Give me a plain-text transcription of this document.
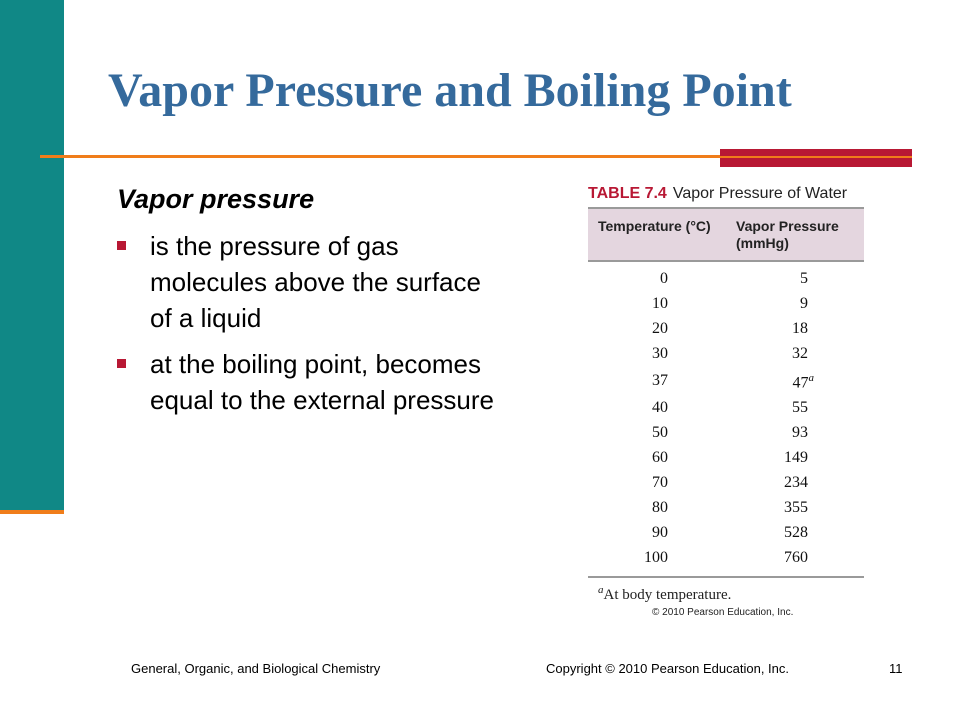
Vapor Pressure and Boiling Point
Vapor pressure
is the pressure of gas molecules above the surface of a liquid
at the boiling point, becomes equal to the external pressure

TABLE 7.4 Vapor Pressure of Water

Temperature (°C)	Vapor Pressure (mmHg)
0	5
10	9
20	18
30	32
37	47$^a$
40	55
50	93
60	149
70	234
80	355
90	528
100	760
$^a$At body temperature.
© 2010 Pearson Education, Inc.
General, Organic, and Biological Chemistry	Copyright © 2010 Pearson Education, Inc.	11
